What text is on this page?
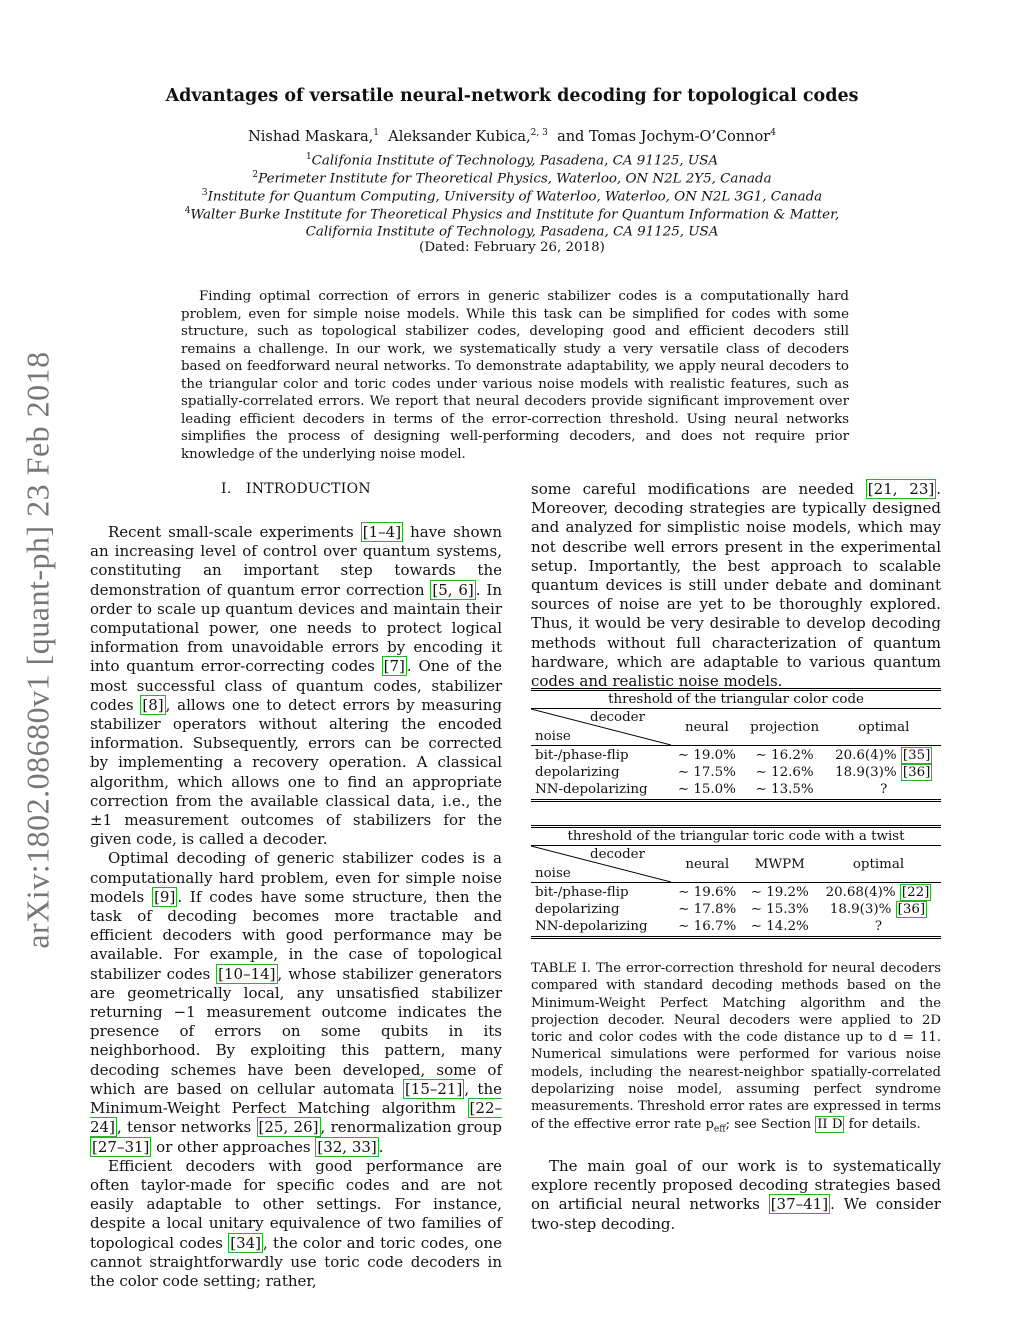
arXiv:1802.08680v1 [quant-ph] 23 Feb 2018
Advantages of versatile neural-network decoding for topological codes
Nishad Maskara,$^1$ Aleksander Kubica,$^{2, 3}$ and Tomas Jochym-O’Connor$^4$
$^1$Califonia Institute of Technology, Pasadena, CA 91125, USA
$^2$Perimeter Institute for Theoretical Physics, Waterloo, ON N2L 2Y5, Canada
$^3$Institute for Quantum Computing, University of Waterloo, Waterloo, ON N2L 3G1, Canada
$^4$Walter Burke Institute for Theoretical Physics and Institute for Quantum Information & Matter,
California Institute of Technology, Pasadena, CA 91125, USA
(Dated: February 26, 2018)

Finding optimal correction of errors in generic stabilizer codes is a computationally hard problem, even for simple noise models. While this task can be simplified for codes with some structure, such as topological stabilizer codes, developing good and efficient decoders still remains a challenge. In our work, we systematically study a very versatile class of decoders based on feedforward neural networks. To demonstrate adaptability, we apply neural decoders to the triangular color and toric codes under various noise models with realistic features, such as spatially-correlated errors. We report that neural decoders provide significant improvement over leading efficient decoders in terms of the error-correction threshold. Using neural networks simplifies the process of designing well-performing decoders, and does not require prior knowledge of the underlying noise model.

I. INTRODUCTION

Recent small-scale experiments [1–4] have shown an increasing level of control over quantum systems, constituting an important step towards the demonstration of quantum error correction [5, 6] . In order to scale up quantum devices and maintain their computational power, one needs to protect logical information from unavoidable errors by encoding it into quantum error-correcting codes [7] . One of the most successful class of quantum codes, stabilizer codes [8] , allows one to detect errors by measuring stabilizer operators without altering the encoded information. Subsequently, errors can be corrected by implementing a recovery operation. A classical algorithm, which allows one to find an appropriate correction from the available classical data, i.e., the ±1 measurement outcomes of stabilizers for the given code, is called a decoder.

Optimal decoding of generic stabilizer codes is a computationally hard problem, even for simple noise models [9] . If codes have some structure, then the task of decoding becomes more tractable and efficient decoders with good performance may be available. For example, in the case of topological stabilizer codes [10–14] , whose stabilizer generators are geometrically local, any unsatisfied stabilizer returning −1 measurement outcome indicates the presence of errors on some qubits in its neighborhood. By exploiting this pattern, many decoding schemes have been developed, some of which are based on cellular automata [15–21] , the Minimum-Weight Perfect Matching algorithm [22–24] , tensor networks [25, 26] , renormalization group [27–31] or other approaches [32, 33] .

Efficient decoders with good performance are often taylor-made for specific codes and are not easily adaptable to other settings. For instance, despite a local unitary equivalence of two families of topological codes [34] , the color and toric codes, one cannot straightforwardly use toric code decoders in the color code setting; rather,

some careful modifications are needed [21, 23] . Moreover, decoding strategies are typically designed and analyzed for simplistic noise models, which may not describe well errors present in the experimental setup. Importantly, the best approach to scalable quantum devices is still under debate and dominant sources of noise are yet to be thoroughly explored. Thus, it would be very desirable to develop decoding methods without full characterization of quantum hardware, which are adaptable to various quantum codes and realistic noise models.

threshold of the triangular color code			

decoder
noise	neural	projection	optimal
bit-/phase-flip	∼ 19.0%	∼ 16.2%	20.6(4)% [35]
depolarizing	∼ 17.5%	∼ 12.6%	18.9(3)% [36]
NN-depolarizing	∼ 15.0%	∼ 13.5%	?
threshold of the triangular toric code with a twist			

decoder
noise	neural	MWPM	optimal
bit-/phase-flip	∼ 19.6%	∼ 19.2%	20.68(4)% [22]
depolarizing	∼ 17.8%	∼ 15.3%	18.9(3)% [36]
NN-depolarizing	∼ 16.7%	∼ 14.2%	?
TABLE I. The error-correction threshold for neural decoders compared with standard decoding methods based on the Minimum-Weight Perfect Matching algorithm and the projection decoder. Neural decoders were applied to 2D toric and color codes with the code distance up to d = 11. Numerical simulations were performed for various noise models, including the nearest-neighbor spatially-correlated depolarizing noise model, assuming perfect syndrome measurements. Threshold error rates are expressed in terms of the effective error rate $p_{eff}$; see Section II D for details.

The main goal of our work is to systematically explore recently proposed decoding strategies based on artificial neural networks [37–41] . We consider two-step decoding.
